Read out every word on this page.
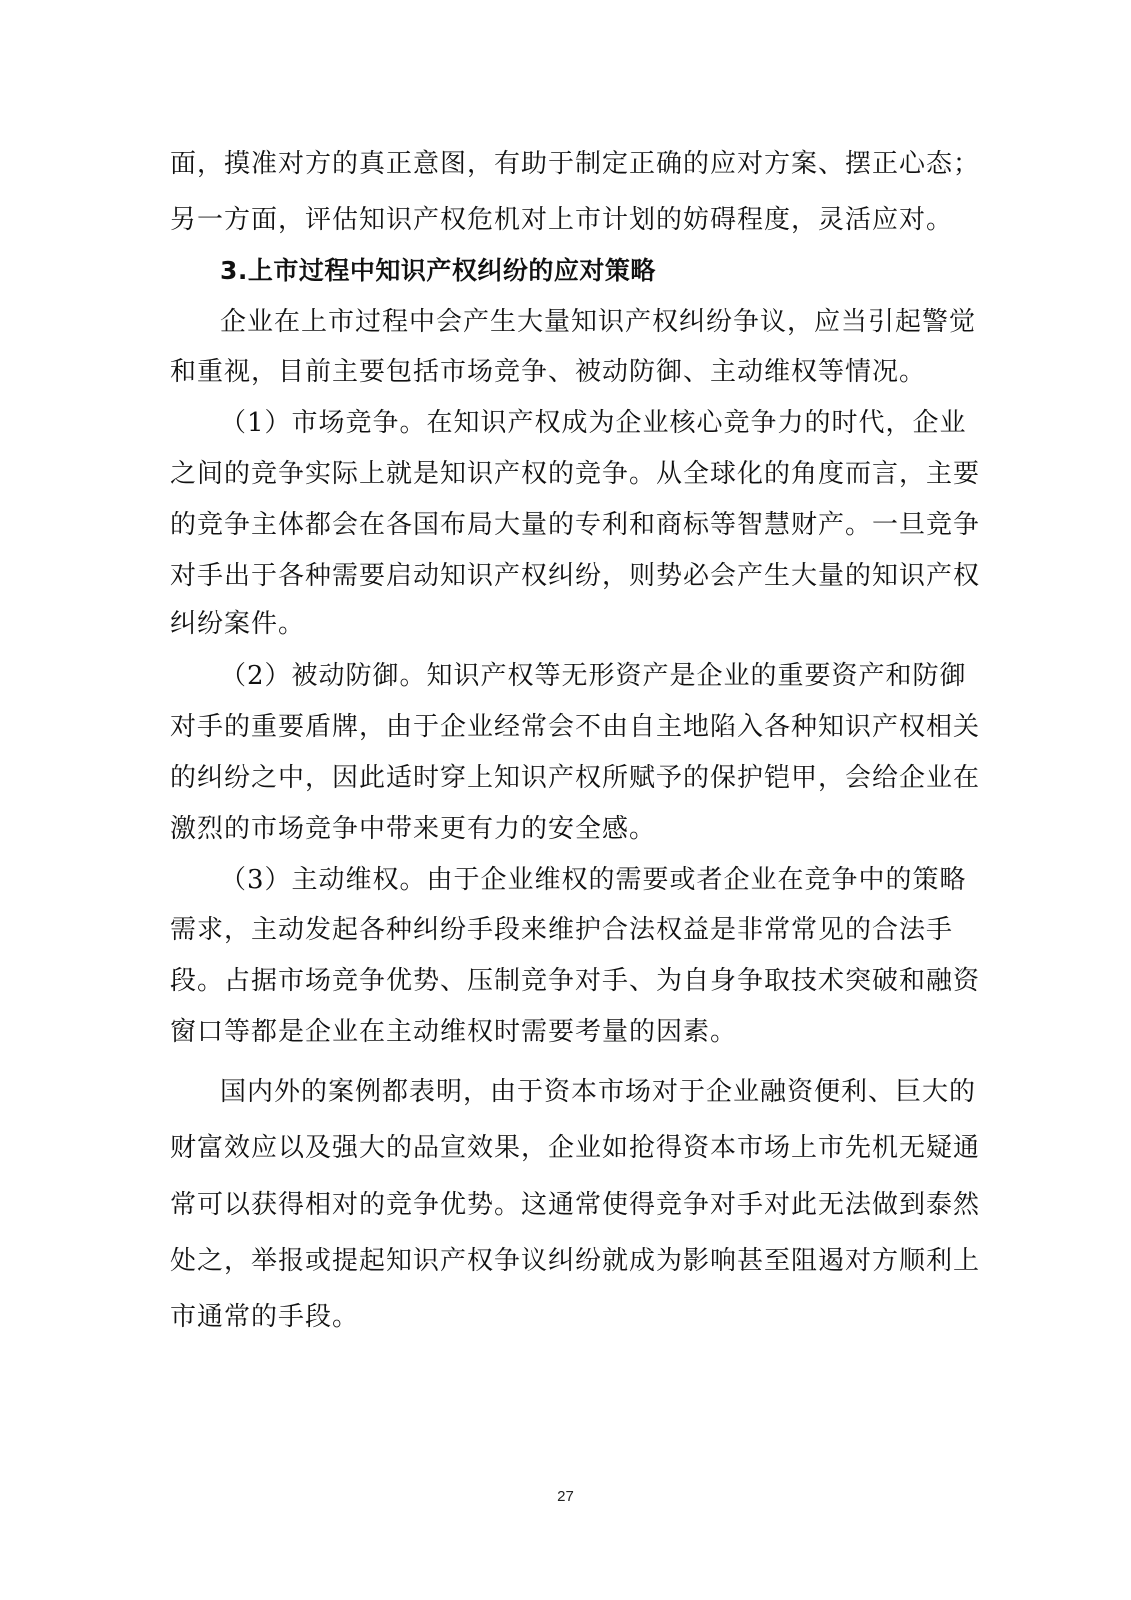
面，摸准对方的真正意图，有助于制定正确的应对方案、摆正心态；
另一方面，评估知识产权危机对上市计划的妨碍程度，灵活应对。
3.上市过程中知识产权纠纷的应对策略
企业在上市过程中会产生大量知识产权纠纷争议，应当引起警觉
和重视，目前主要包括市场竞争、被动防御、主动维权等情况。
（1）市场竞争。在知识产权成为企业核心竞争力的时代，企业
之间的竞争实际上就是知识产权的竞争。从全球化的角度而言，主要
的竞争主体都会在各国布局大量的专利和商标等智慧财产。一旦竞争
对手出于各种需要启动知识产权纠纷，则势必会产生大量的知识产权
纠纷案件。
（2）被动防御。知识产权等无形资产是企业的重要资产和防御
对手的重要盾牌，由于企业经常会不由自主地陷入各种知识产权相关
的纠纷之中，因此适时穿上知识产权所赋予的保护铠甲，会给企业在
激烈的市场竞争中带来更有力的安全感。
（3）主动维权。由于企业维权的需要或者企业在竞争中的策略
需求，主动发起各种纠纷手段来维护合法权益是非常常见的合法手
段。占据市场竞争优势、压制竞争对手、为自身争取技术突破和融资
窗口等都是企业在主动维权时需要考量的因素。
国内外的案例都表明，由于资本市场对于企业融资便利、巨大的
财富效应以及强大的品宣效果，企业如抢得资本市场上市先机无疑通
常可以获得相对的竞争优势。这通常使得竞争对手对此无法做到泰然
处之，举报或提起知识产权争议纠纷就成为影响甚至阻遏对方顺利上
市通常的手段。
27
